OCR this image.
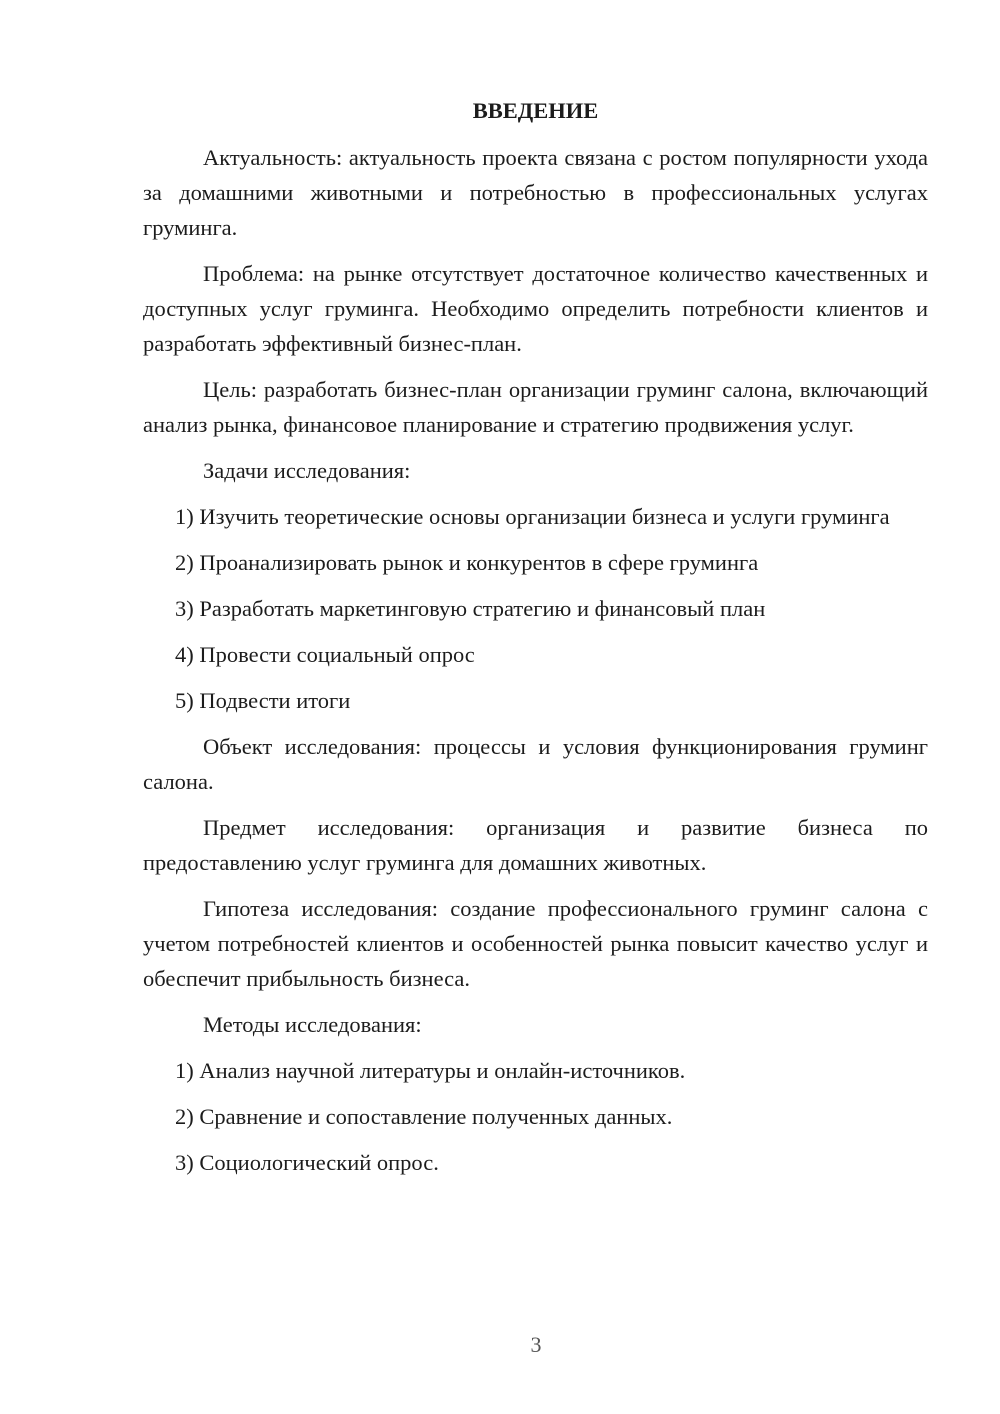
ВВЕДЕНИЕ

Актуальность: актуальность проекта связана с ростом популярности ухода за домашними животными и потребностью в профессиональных услугах груминга.

Проблема: на рынке отсутствует достаточное количество качественных и доступных услуг груминга. Необходимо определить потребности клиентов и разработать эффективный бизнес-план.

Цель: разработать бизнес-план организации груминг салона, включающий анализ рынка, финансовое планирование и стратегию продвижения услуг.

Задачи исследования:

1) Изучить теоретические основы организации бизнеса и услуги груминга

2) Проанализировать рынок и конкурентов в сфере груминга

3) Разработать маркетинговую стратегию и финансовый план

4) Провести социальный опрос

5) Подвести итоги

Объект исследования: процессы и условия функционирования груминг салона.

Предмет исследования: организация и развитие бизнеса по предоставлению услуг груминга для домашних животных.

Гипотеза исследования: создание профессионального груминг салона с учетом потребностей клиентов и особенностей рынка повысит качество услуг и обеспечит прибыльность бизнеса.

Методы исследования:

1) Анализ научной литературы и онлайн-источников.

2) Сравнение и сопоставление полученных данных.

3) Социологический опрос.

3
